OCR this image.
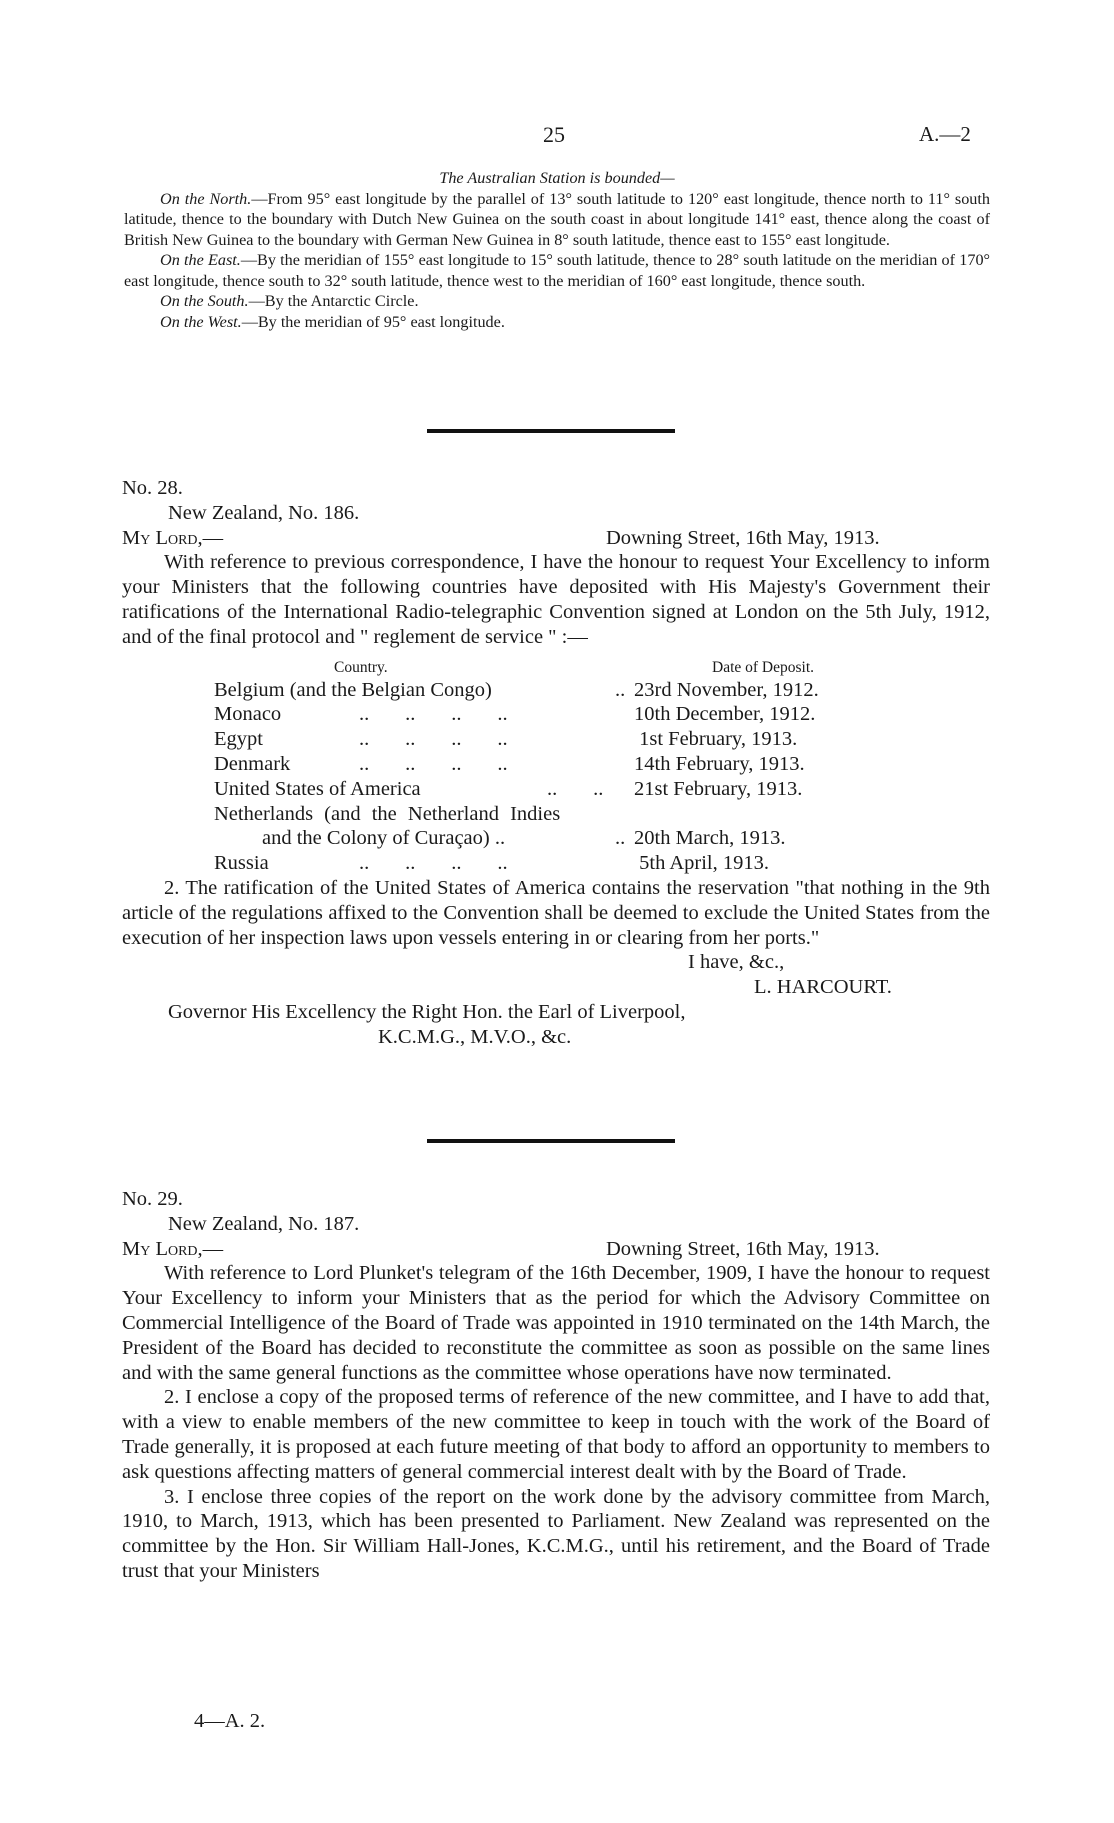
25	A.—2

The Australian Station is bounded—

On the North.—From 95° east longitude by the parallel of 13° south latitude to 120° east longitude, thence north to 11° south latitude, thence to the boundary with Dutch New Guinea on the south coast in about longitude 141° east, thence along the coast of British New Guinea to the boundary with German New Guinea in 8° south latitude, thence east to 155° east longitude.

On the East.—By the meridian of 155° east longitude to 15° south latitude, thence to 28° south latitude on the meridian of 170° east longitude, thence south to 32° south latitude, thence west to the meridian of 160° east longitude, thence south.

On the South.—By the Antarctic Circle.

On the West.—By the meridian of 95° east longitude.

No. 28.

New Zealand, No. 186.
My Lord,—	Downing Street, 16th May, 1913.

With reference to previous correspondence, I have the honour to request Your Excellency to inform your Ministers that the following countries have deposited with His Majesty's Government their ratifications of the International Radio-telegraphic Convention signed at London on the 5th July, 1912, and of the final protocol and " reglement de service " :—

Country.	Date of Deposit.
Belgium (and the Belgian Congo)	.. 23rd November, 1912.
Monaco	..       ..       ..       ..	10th December, 1912.
Egypt	..       ..       ..       ..	1st February, 1913.
Denmark	..       ..       ..       ..	14th February, 1913.
United States of America	..       .. 21st February, 1913.
Netherlands (and the Netherland Indies
and the Colony of Curaçao) ..	.. 20th March, 1913.
Russia	..       ..       ..       ..	5th April, 1913.

2. The ratification of the United States of America contains the reservation "that nothing in the 9th article of the regulations affixed to the Convention shall be deemed to exclude the United States from the execution of her inspection laws upon vessels entering in or clearing from her ports."

I have, &c.,
L. HARCOURT.
Governor His Excellency the Right Hon. the Earl of Liverpool,
K.C.M.G., M.V.O., &c.

No. 29.

New Zealand, No. 187.
My Lord,—	Downing Street, 16th May, 1913.

With reference to Lord Plunket's telegram of the 16th December, 1909, I have the honour to request Your Excellency to inform your Ministers that as the period for which the Advisory Committee on Commercial Intelligence of the Board of Trade was appointed in 1910 terminated on the 14th March, the President of the Board has decided to reconstitute the committee as soon as possible on the same lines and with the same general functions as the committee whose operations have now terminated.

2. I enclose a copy of the proposed terms of reference of the new committee, and I have to add that, with a view to enable members of the new committee to keep in touch with the work of the Board of Trade generally, it is proposed at each future meeting of that body to afford an opportunity to members to ask questions affecting matters of general commercial interest dealt with by the Board of Trade.

3. I enclose three copies of the report on the work done by the advisory committee from March, 1910, to March, 1913, which has been presented to Parliament. New Zealand was represented on the committee by the Hon. Sir William Hall-Jones, K.C.M.G., until his retirement, and the Board of Trade trust that your Ministers

4—A. 2.
